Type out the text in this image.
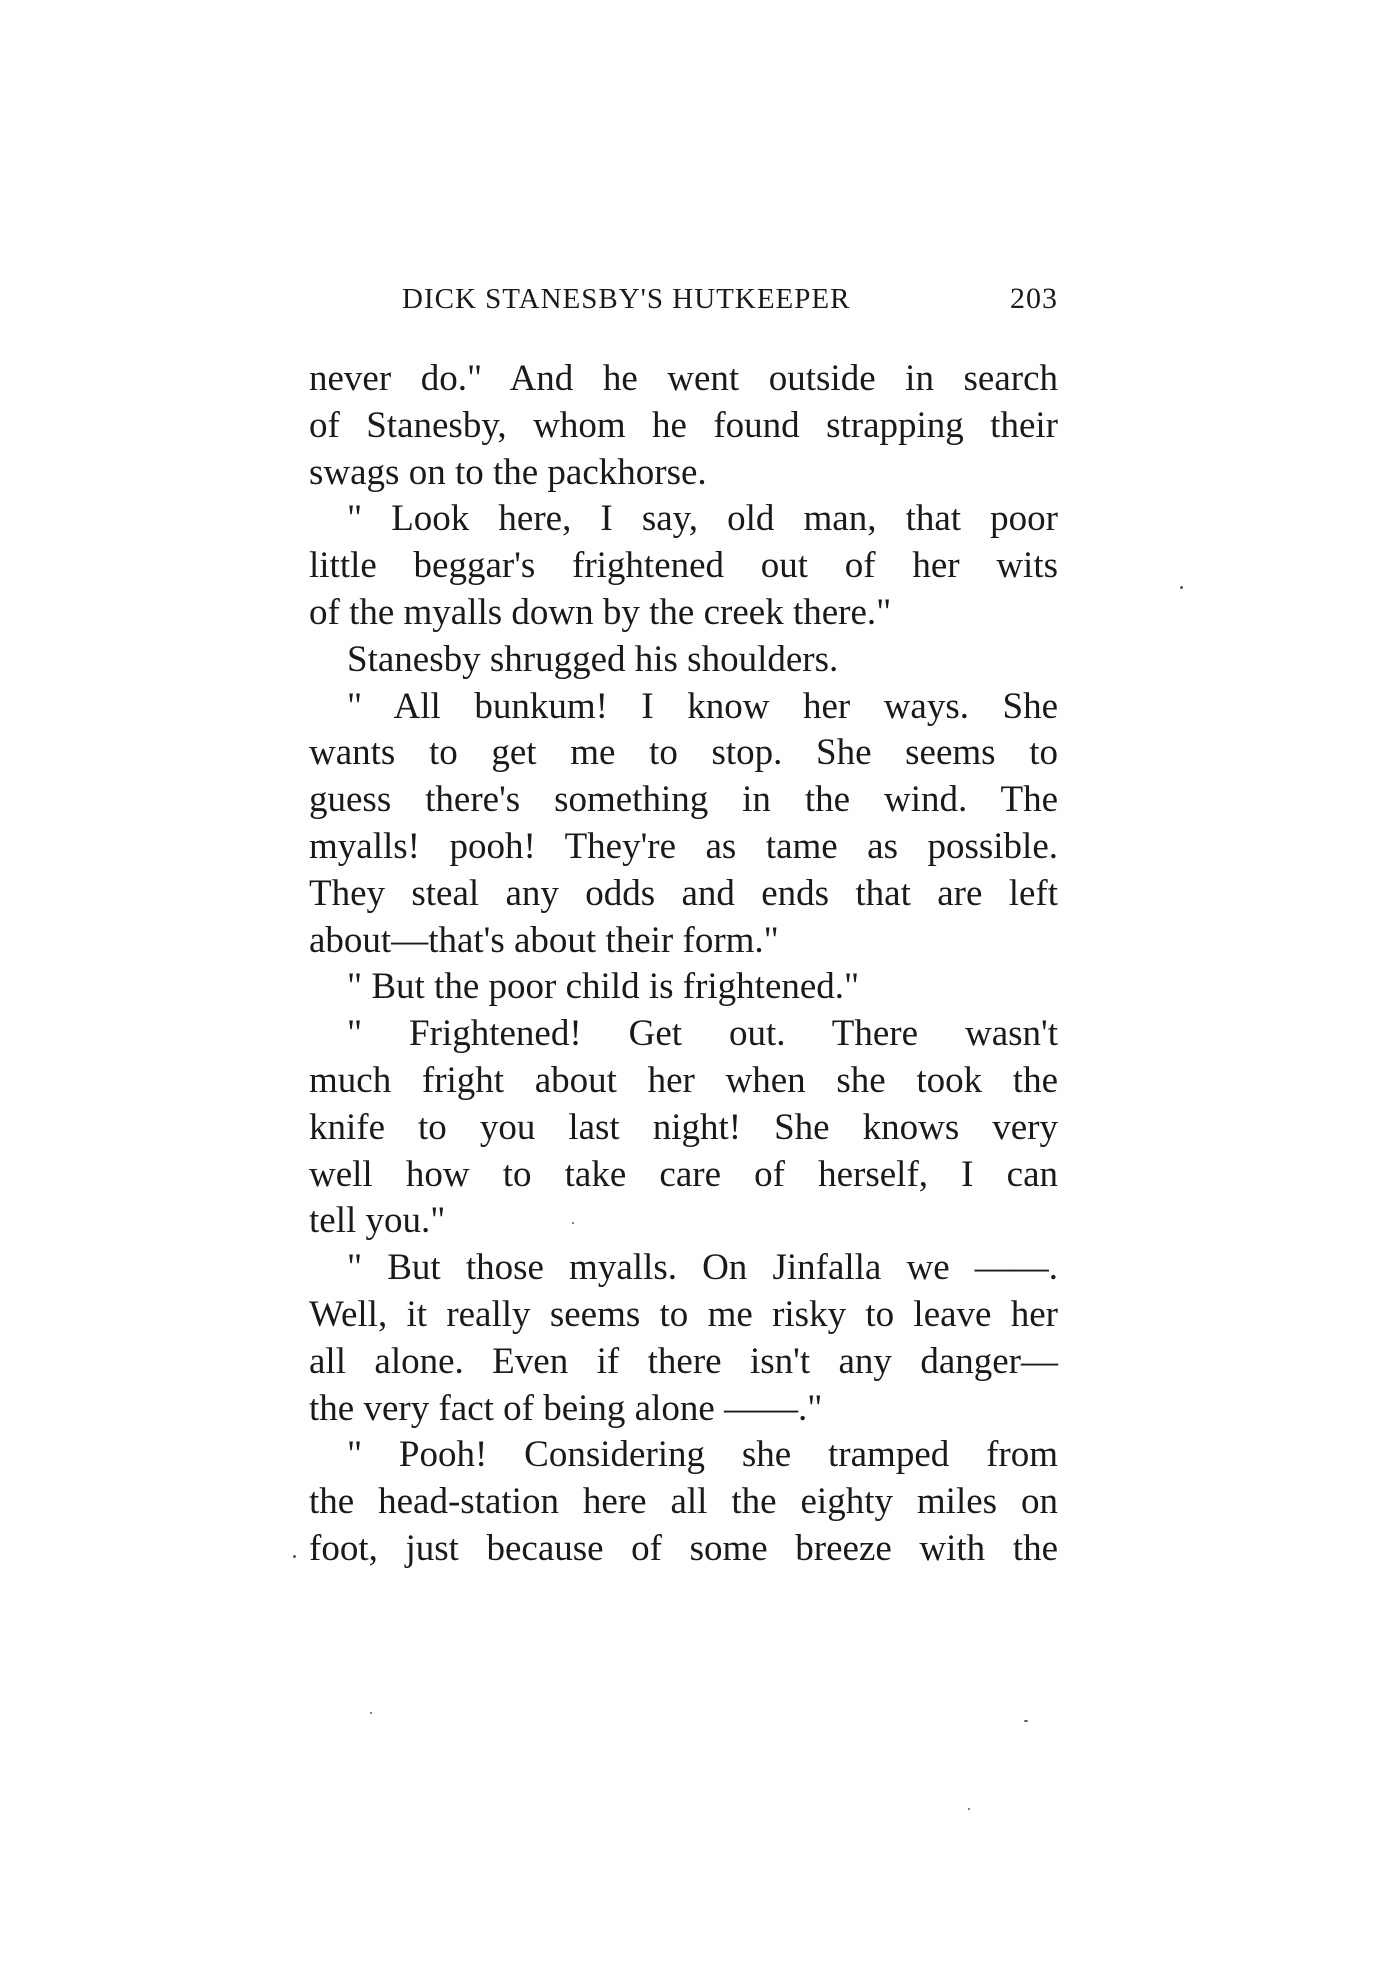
DICK STANESBY'S HUTKEEPER	203
never do." And he went outside in search
of Stanesby, whom he found strapping their
swags on to the packhorse.
" Look here, I say, old man, that poor
little beggar's frightened out of her wits
of the myalls down by the creek there."
Stanesby shrugged his shoulders.
" All bunkum! I know her ways. She
wants to get me to stop. She seems to
guess there's something in the wind. The
myalls! pooh! They're as tame as possible.
They steal any odds and ends that are left
about—that's about their form."
" But the poor child is frightened."
" Frightened! Get out. There wasn't
much fright about her when she took the
knife to you last night! She knows very
well how to take care of herself, I can
tell you."
" But those myalls. On Jinfalla we ——.
Well, it really seems to me risky to leave her
all alone. Even if there isn't any danger—
the very fact of being alone ——."
" Pooh! Considering she tramped from
the head-station here all the eighty miles on
foot, just because of some breeze with the
